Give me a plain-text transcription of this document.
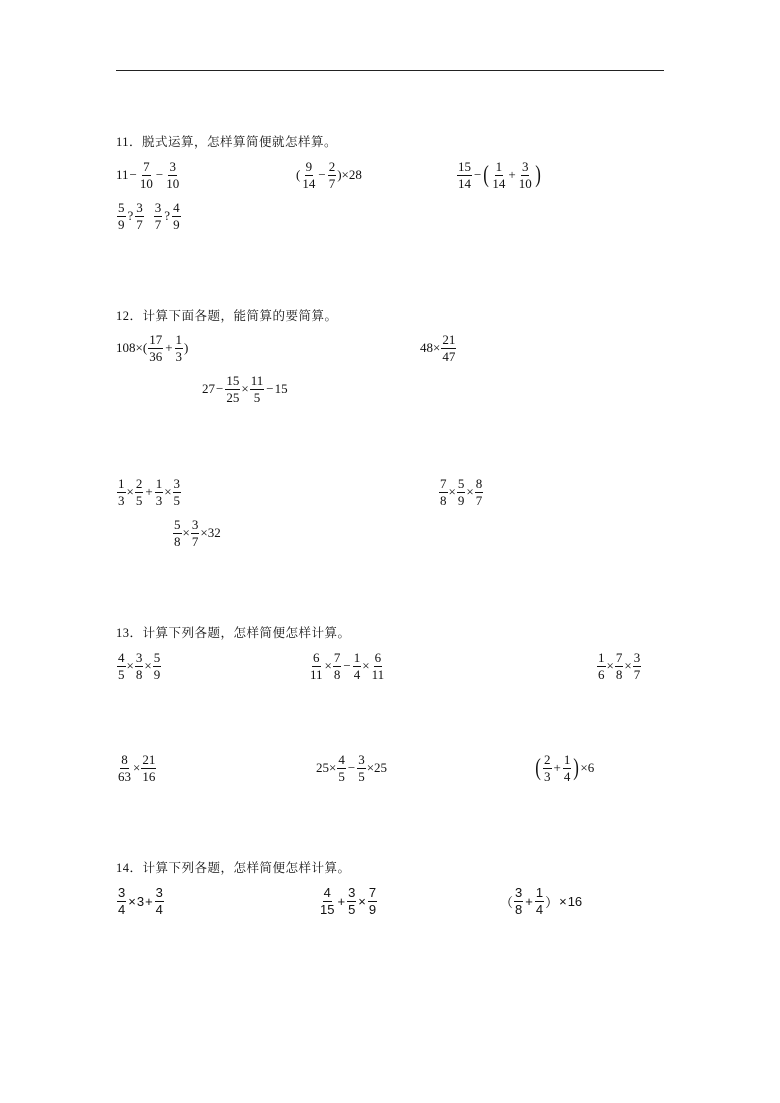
11．脱式运算，怎样算简便就怎样算。
$11 - \frac{7}{10} - \frac{3}{10}$	( $\frac{9}{14} - \frac{2}{7}$ ) × 28	$\frac{15}{14}$ − ( $\frac{1}{14} + \frac{3}{10}$ )
$\frac{5}{9}$ ? $\frac{3}{7} \frac{3}{7}$ ? $\frac{4}{9}$
12．计算下面各题，能简算的要简算。
108 × ( $\frac{17}{36} + \frac{1}{3}$ )	$48 \times \frac{21}{47}$
$27 - \frac{15}{25} \times \frac{11}{5} - 15$
$\frac{1}{3} \times \frac{2}{5} + \frac{1}{3} \times \frac{3}{5}$	$\frac{7}{8} \times \frac{5}{9} \times \frac{8}{7}$
$\frac{5}{8} \times \frac{3}{7} \times 32$
13．计算下列各题，怎样简便怎样计算。
$\frac{4}{5} \times \frac{3}{8} \times \frac{5}{9}$	$\frac{6}{11} \times \frac{7}{8} - \frac{1}{4} \times \frac{6}{11}$	$\frac{1}{6} \times \frac{7}{8} \times \frac{3}{7}$
$\frac{8}{63} \times \frac{21}{16}$	$25 \times \frac{4}{5} - \frac{3}{5} \times 25$	( $\frac{2}{3} + \frac{1}{4}$ ) × 6
14．计算下列各题，怎样简便怎样计算。
$\frac{3}{4} \times 3 + \frac{3}{4}$	$\frac{4}{15} + \frac{3}{5} \times \frac{7}{9}$	（ $\frac{3}{8} + \frac{1}{4}$ ） × 16
